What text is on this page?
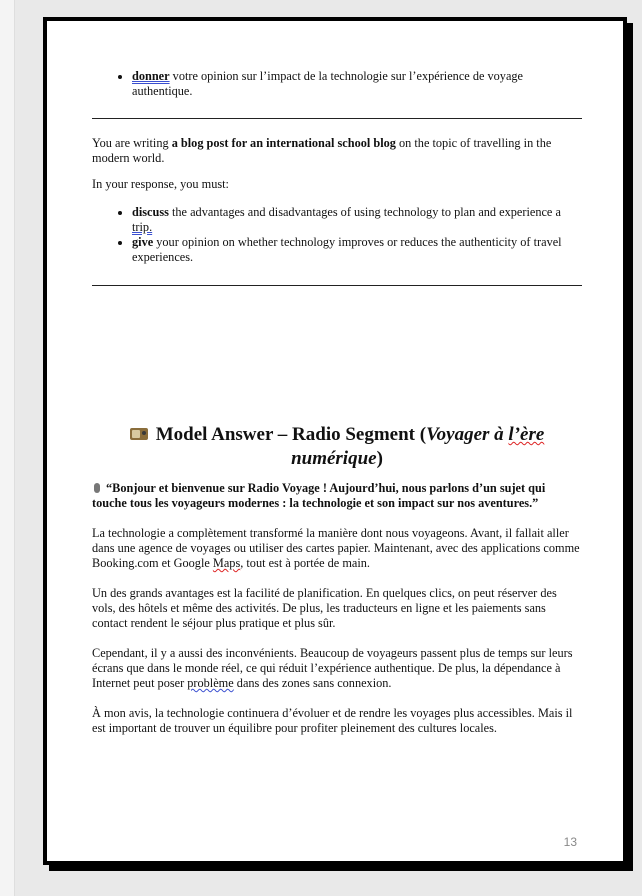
• donner votre opinion sur l’impact de la technologie sur l’expérience de voyage authentique.

You are writing a blog post for an international school blog on the topic of travelling in the modern world.

In your response, you must:

• discuss the advantages and disadvantages of using technology to plan and experience a trip.
• give your opinion on whether technology improves or reduces the authenticity of travel experiences.
Model Answer – Radio Segment (Voyager à l’ère
numérique)

“Bonjour et bienvenue sur Radio Voyage ! Aujourd’hui, nous parlons d’un sujet qui touche tous les voyageurs modernes : la technologie et son impact sur nos aventures.”

La technologie a complètement transformé la manière dont nous voyageons. Avant, il fallait aller dans une agence de voyages ou utiliser des cartes papier. Maintenant, avec des applications comme Booking.com et Google Maps, tout est à portée de main.

Un des grands avantages est la facilité de planification. En quelques clics, on peut réserver des vols, des hôtels et même des activités. De plus, les traducteurs en ligne et les paiements sans contact rendent le séjour plus pratique et plus sûr.

Cependant, il y a aussi des inconvénients. Beaucoup de voyageurs passent plus de temps sur leurs écrans que dans le monde réel, ce qui réduit l’expérience authentique. De plus, la dépendance à Internet peut poser problème dans des zones sans connexion.

À mon avis, la technologie continuera d’évoluer et de rendre les voyages plus accessibles. Mais il est important de trouver un équilibre pour profiter pleinement des cultures locales.

13
